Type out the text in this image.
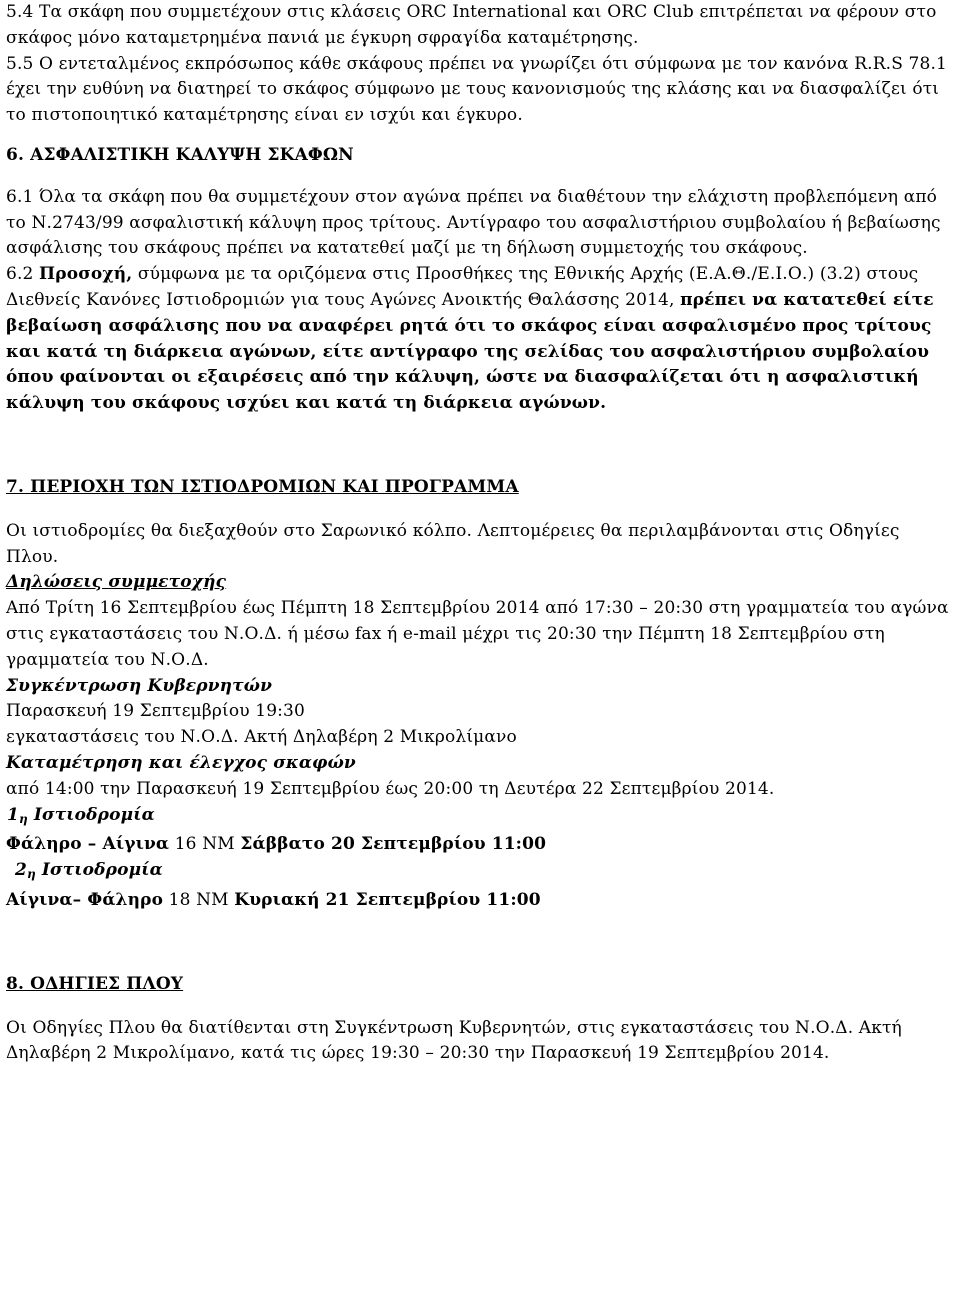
5.4 Τα σκάφη που συμμετέχουν στις κλάσεις ORC International και ORC Club επιτρέπεται να φέρουν στο σκάφος μόνο καταμετρημένα πανιά με έγκυρη σφραγίδα καταμέτρησης.

5.5 Ο εντεταλμένος εκπρόσωπος κάθε σκάφους πρέπει να γνωρίζει ότι σύμφωνα με τον κανόνα R.R.S 78.1 έχει την ευθύνη να διατηρεί το σκάφος σύμφωνο με τους κανονισμούς της κλάσης και να διασφαλίζει ότι το πιστοποιητικό καταμέτρησης είναι εν ισχύι και έγκυρο.

6. ΑΣΦΑΛΙΣΤΙΚΗ ΚΑΛΥΨΗ ΣΚΑΦΩΝ

6.1 Όλα τα σκάφη που θα συμμετέχουν στον αγώνα πρέπει να διαθέτουν την ελάχιστη προβλεπόμενη από το Ν.2743/99 ασφαλιστική κάλυψη προς τρίτους. Αντίγραφο του ασφαλιστήριου συμβολαίου ή βεβαίωσης ασφάλισης του σκάφους πρέπει να κατατεθεί μαζί με τη δήλωση συμμετοχής του σκάφους.

6.2 Προσοχή, σύμφωνα με τα οριζόμενα στις Προσθήκες της Εθνικής Αρχής (Ε.Α.Θ./Ε.Ι.Ο.) (3.2) στους Διεθνείς Κανόνες Ιστιοδρομιών για τους Αγώνες Ανοικτής Θαλάσσης 2014, πρέπει να κατατεθεί είτε βεβαίωση ασφάλισης που να αναφέρει ρητά ότι το σκάφος είναι ασφαλισμένο προς τρίτους και κατά τη διάρκεια αγώνων, είτε αντίγραφο της σελίδας του ασφαλιστήριου συμβολαίου όπου φαίνονται οι εξαιρέσεις από την κάλυψη, ώστε να διασφαλίζεται ότι η ασφαλιστική κάλυψη του σκάφους ισχύει και κατά τη διάρκεια αγώνων.

7. ΠΕΡΙΟΧΗ ΤΩΝ ΙΣΤΙΟΔΡΟΜΙΩΝ ΚΑΙ ΠΡΟΓΡΑΜΜΑ

Οι ιστιοδρομίες θα διεξαχθούν στο Σαρωνικό κόλπο. Λεπτομέρειες θα περιλαμβάνονται στις Οδηγίες Πλου.

Δηλώσεις συμμετοχής

Από Τρίτη 16 Σεπτεμβρίου έως Πέμπτη 18 Σεπτεμβρίου 2014 από 17:30 – 20:30 στη γραμματεία του αγώνα στις εγκαταστάσεις του Ν.Ο.Δ. ή μέσω fax ή e-mail μέχρι τις 20:30 την Πέμπτη 18 Σεπτεμβρίου στη γραμματεία του Ν.Ο.Δ.

Συγκέντρωση Κυβερνητών

Παρασκευή 19 Σεπτεμβρίου 19:30

εγκαταστάσεις του Ν.Ο.Δ. Ακτή Δηλαβέρη 2 Μικρολίμανο

Καταμέτρηση και έλεγχος σκαφών

από 14:00 την Παρασκευή 19 Σεπτεμβρίου έως 20:00 τη Δευτέρα 22 Σεπτεμβρίου 2014.

$1_\eta$ Ιστιοδρομία

Φάληρο – Αίγινα 16 NM Σάββατο 20 Σεπτεμβρίου 11:00

$2_\eta$ Ιστιοδρομία

Αίγινα– Φάληρο 18 NM Κυριακή 21 Σεπτεμβρίου 11:00

8. ΟΔΗΓΙΕΣ ΠΛΟΥ

Οι Οδηγίες Πλου θα διατίθενται στη Συγκέντρωση Κυβερνητών, στις εγκαταστάσεις του Ν.Ο.Δ. Ακτή Δηλαβέρη 2 Μικρολίμανο, κατά τις ώρες 19:30 – 20:30 την Παρασκευή 19 Σεπτεμβρίου 2014.
